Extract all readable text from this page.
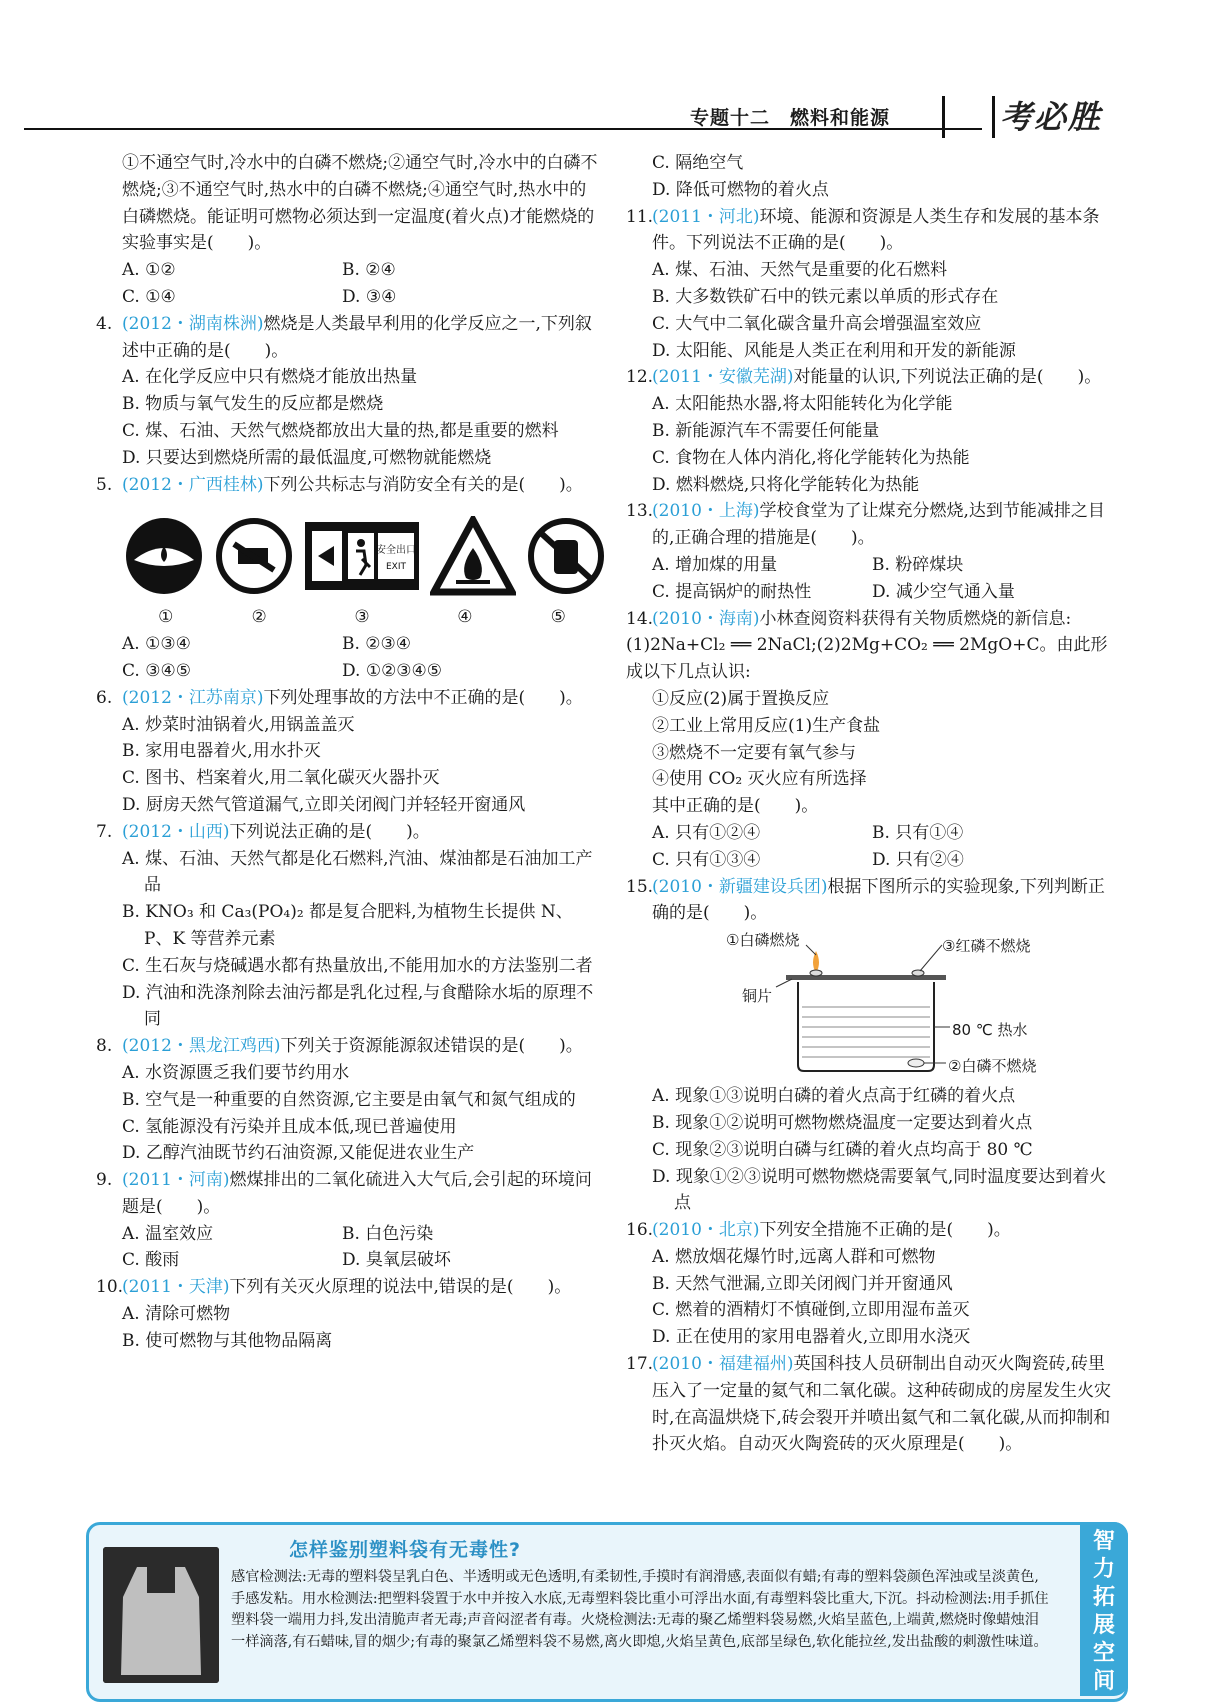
专题十二　燃料和能源	考必胜
①不通空气时,冷水中的白磷不燃烧;②通空气时,冷水中的白磷不燃烧;③不通空气时,热水中的白磷不燃烧;④通空气时,热水中的白磷燃烧。能证明可燃物必须达到一定温度(着火点)才能燃烧的实验事实是(　　)。
A. ①②	B. ②④
C. ①④	D. ③④
4. (2012・湖南株洲)燃烧是人类最早利用的化学反应之一,下列叙述中正确的是(　　)。
A. 在化学反应中只有燃烧才能放出热量
B. 物质与氧气发生的反应都是燃烧
C. 煤、石油、天然气燃烧都放出大量的热,都是重要的燃料
D. 只要达到燃烧所需的最低温度,可燃物就能燃烧
5. (2012・广西桂林)下列公共标志与消防安全有关的是(　　)。
安全出口
EXIT
①	②	③	④	⑤
A. ①③④	B. ②③④
C. ③④⑤	D. ①②③④⑤
6. (2012・江苏南京)下列处理事故的方法中不正确的是(　　)。
A. 炒菜时油锅着火,用锅盖盖灭
B. 家用电器着火,用水扑灭
C. 图书、档案着火,用二氧化碳灭火器扑灭
D. 厨房天然气管道漏气,立即关闭阀门并轻轻开窗通风
7. (2012・山西)下列说法正确的是(　　)。
A. 煤、石油、天然气都是化石燃料,汽油、煤油都是石油加工产品
B. KNO₃ 和 Ca₃(PO₄)₂ 都是复合肥料,为植物生长提供 N、P、K 等营养元素
C. 生石灰与烧碱遇水都有热量放出,不能用加水的方法鉴别二者
D. 汽油和洗涤剂除去油污都是乳化过程,与食醋除水垢的原理不同
8. (2012・黑龙江鸡西)下列关于资源能源叙述错误的是(　　)。
A. 水资源匮乏我们要节约用水
B. 空气是一种重要的自然资源,它主要是由氧气和氮气组成的
C. 氢能源没有污染并且成本低,现已普遍使用
D. 乙醇汽油既节约石油资源,又能促进农业生产
9. (2011・河南)燃煤排出的二氧化硫进入大气后,会引起的环境问题是(　　)。
A. 温室效应	B. 白色污染
C. 酸雨	D. 臭氧层破坏
10.
(2011・天津)下列有关灭火原理的说法中,错误的是(　　)。
A. 清除可燃物
B. 使可燃物与其他物品隔离
C. 隔绝空气
D. 降低可燃物的着火点
11.
(2011・河北)环境、能源和资源是人类生存和发展的基本条件。下列说法不正确的是(　　)。
A. 煤、石油、天然气是重要的化石燃料
B. 大多数铁矿石中的铁元素以单质的形式存在
C. 大气中二氧化碳含量升高会增强温室效应
D. 太阳能、风能是人类正在利用和开发的新能源
12.
(2011・安徽芜湖)对能量的认识,下列说法正确的是(　　)。
A. 太阳能热水器,将太阳能转化为化学能
B. 新能源汽车不需要任何能量
C. 食物在人体内消化,将化学能转化为热能
D. 燃料燃烧,只将化学能转化为热能
13.
(2010・上海)学校食堂为了让煤充分燃烧,达到节能减排之目的,正确合理的措施是(　　)。
A. 增加煤的用量	B. 粉碎煤块
C. 提高锅炉的耐热性	D. 减少空气通入量
14.
(2010・海南)小林查阅资料获得有关物质燃烧的新信息:
(1)2Na+Cl₂ ══ 2NaCl;(2)2Mg+CO₂ ══ 2MgO+C。由此形成以下几点认识:
①反应(2)属于置换反应
②工业上常用反应(1)生产食盐
③燃烧不一定要有氧气参与
④使用 CO₂ 灭火应有所选择
其中正确的是(　　)。
A. 只有①②④	B. 只有①④
C. 只有①③④	D. 只有②④
15.
(2010・新疆建设兵团)根据下图所示的实验现象,下列判断正确的是(　　)。
①白磷燃烧	③红磷不燃烧
铜片
80 ℃ 热水
②白磷不燃烧
A. 现象①③说明白磷的着火点高于红磷的着火点
B. 现象①②说明可燃物燃烧温度一定要达到着火点
C. 现象②③说明白磷与红磷的着火点均高于 80 ℃
D. 现象①②③说明可燃物燃烧需要氧气,同时温度要达到着火点
16.
(2010・北京)下列安全措施不正确的是(　　)。
A. 燃放烟花爆竹时,远离人群和可燃物
B. 天然气泄漏,立即关闭阀门并开窗通风
C. 燃着的酒精灯不慎碰倒,立即用湿布盖灭
D. 正在使用的家用电器着火,立即用水浇灭
17.
(2010・福建福州)英国科技人员研制出自动灭火陶瓷砖,砖里压入了一定量的氦气和二氧化碳。这种砖砌成的房屋发生火灾时,在高温烘烧下,砖会裂开并喷出氦气和二氧化碳,从而抑制和扑灭火焰。自动灭火陶瓷砖的灭火原理是(　　)。
怎样鉴别塑料袋有无毒性?
感官检测法:无毒的塑料袋呈乳白色、半透明或无色透明,有柔韧性,手摸时有润滑感,表面似有蜡;有毒的塑料袋颜色浑浊或呈淡黄色,手感发粘。用水检测法:把塑料袋置于水中并按入水底,无毒塑料袋比重小可浮出水面,有毒塑料袋比重大,下沉。抖动检测法:用手抓住塑料袋一端用力抖,发出清脆声者无毒;声音闷涩者有毒。火烧检测法:无毒的聚乙烯塑料袋易燃,火焰呈蓝色,上端黄,燃烧时像蜡烛泪一样滴落,有石蜡味,冒的烟少;有毒的聚氯乙烯塑料袋不易燃,离火即熄,火焰呈黄色,底部呈绿色,软化能拉丝,发出盐酸的刺激性味道。
智
力
拓
展
空
间
